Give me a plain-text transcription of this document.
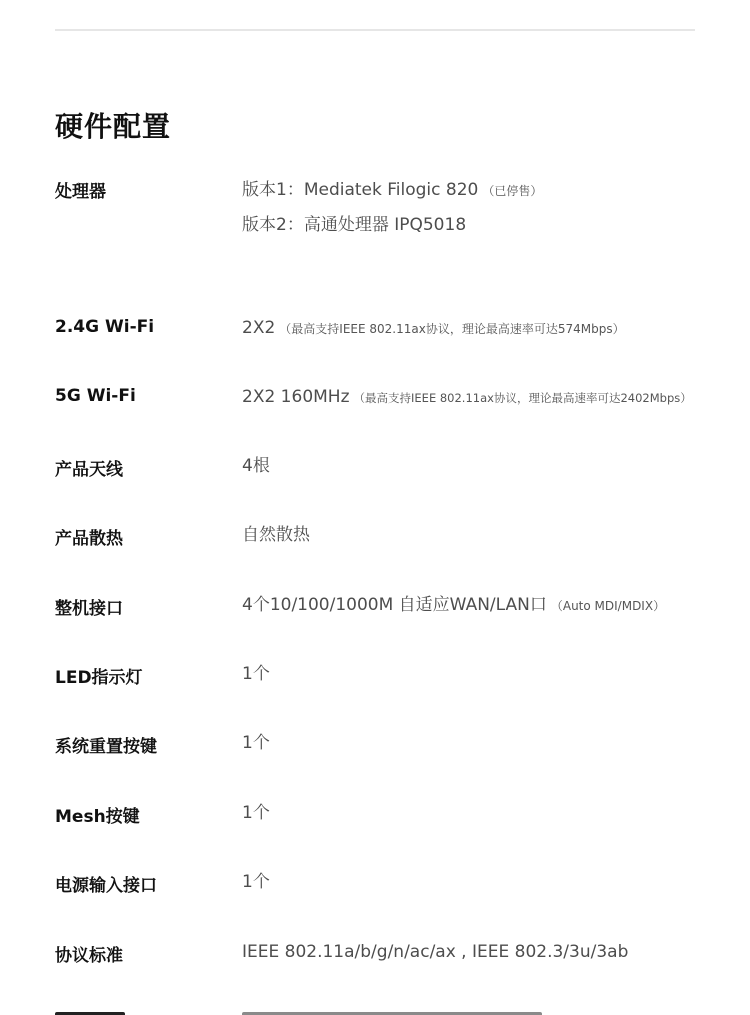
硬件配置
处理器	版本1：Mediatek Filogic 820 （已停售）
版本2：高通处理器 IPQ5018
2.4G Wi-Fi	2X2 （最高支持IEEE 802.11ax协议，理论最高速率可达574Mbps）
5G Wi-Fi	2X2 160MHz （最高支持IEEE 802.11ax协议，理论最高速率可达2402Mbps）
产品天线	4根
产品散热	自然散热
整机接口	4个10/100/1000M 自适应WAN/LAN口 （Auto MDI/MDIX）
LED指示灯	1个
系统重置按键	1个
Mesh按键	1个
电源输入接口	1个
协议标准	IEEE 802.11a/b/g/n/ac/ax , IEEE 802.3/3u/3ab
